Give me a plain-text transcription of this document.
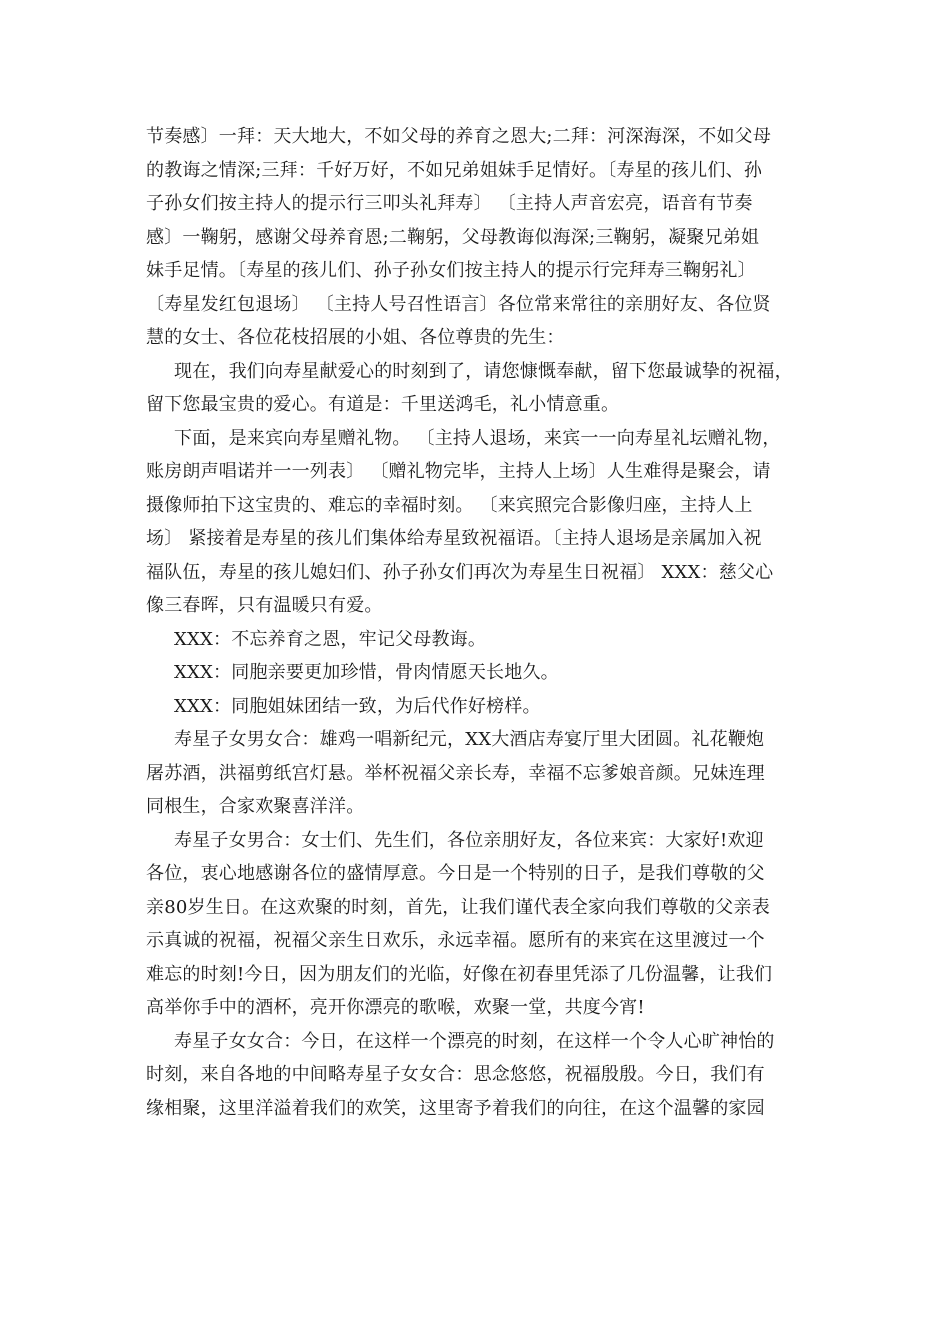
节奏感〕一拜：天大地大，不如父母的养育之恩大;二拜：河深海深，不如父母
的教诲之情深;三拜：千好万好，不如兄弟姐妹手足情好。〔寿星的孩儿们、孙
子孙女们按主持人的提示行三叩头礼拜寿〕 〔主持人声音宏亮，语音有节奏
感〕一鞠躬，感谢父母养育恩;二鞠躬，父母教诲似海深;三鞠躬，凝聚兄弟姐
妹手足情。〔寿星的孩儿们、孙子孙女们按主持人的提示行完拜寿三鞠躬礼〕
〔寿星发红包退场〕 〔主持人号召性语言〕各位常来常往的亲朋好友、各位贤
慧的女士、各位花枝招展的小姐、各位尊贵的先生：
现在，我们向寿星献爱心的时刻到了，请您慷慨奉献，留下您最诚挚的祝福，
留下您最宝贵的爱心。有道是：千里送鸿毛，礼小情意重。
下面，是来宾向寿星赠礼物。 〔主持人退场，来宾一一向寿星礼坛赠礼物，
账房朗声唱诺并一一列表〕 〔赠礼物完毕，主持人上场〕人生难得是聚会，请
摄像师拍下这宝贵的、难忘的幸福时刻。 〔来宾照完合影像归座，主持人上
场〕 紧接着是寿星的孩儿们集体给寿星致祝福语。〔主持人退场是亲属加入祝
福队伍，寿星的孩儿媳妇们、孙子孙女们再次为寿星生日祝福〕 XXX：慈父心
像三春晖，只有温暖只有爱。
XXX：不忘养育之恩，牢记父母教诲。
XXX：同胞亲要更加珍惜，骨肉情愿天长地久。
XXX：同胞姐妹团结一致，为后代作好榜样。
寿星子女男女合：雄鸡一唱新纪元，XX大酒店寿宴厅里大团圆。礼花鞭炮
屠苏酒，洪福剪纸宫灯悬。举杯祝福父亲长寿，幸福不忘爹娘音颜。兄妹连理
同根生，合家欢聚喜洋洋。
寿星子女男合：女士们、先生们，各位亲朋好友，各位来宾：大家好!欢迎
各位，衷心地感谢各位的盛情厚意。今日是一个特别的日子，是我们尊敬的父
亲80岁生日。在这欢聚的时刻，首先，让我们谨代表全家向我们尊敬的父亲表
示真诚的祝福，祝福父亲生日欢乐，永远幸福。愿所有的来宾在这里渡过一个
难忘的时刻!今日，因为朋友们的光临，好像在初春里凭添了几份温馨，让我们
高举你手中的酒杯，亮开你漂亮的歌喉，欢聚一堂，共度今宵!
寿星子女女合：今日，在这样一个漂亮的时刻，在这样一个令人心旷神怡的
时刻，来自各地的中间略寿星子女女合：思念悠悠，祝福殷殷。今日，我们有
缘相聚，这里洋溢着我们的欢笑，这里寄予着我们的向往，在这个温馨的家园
